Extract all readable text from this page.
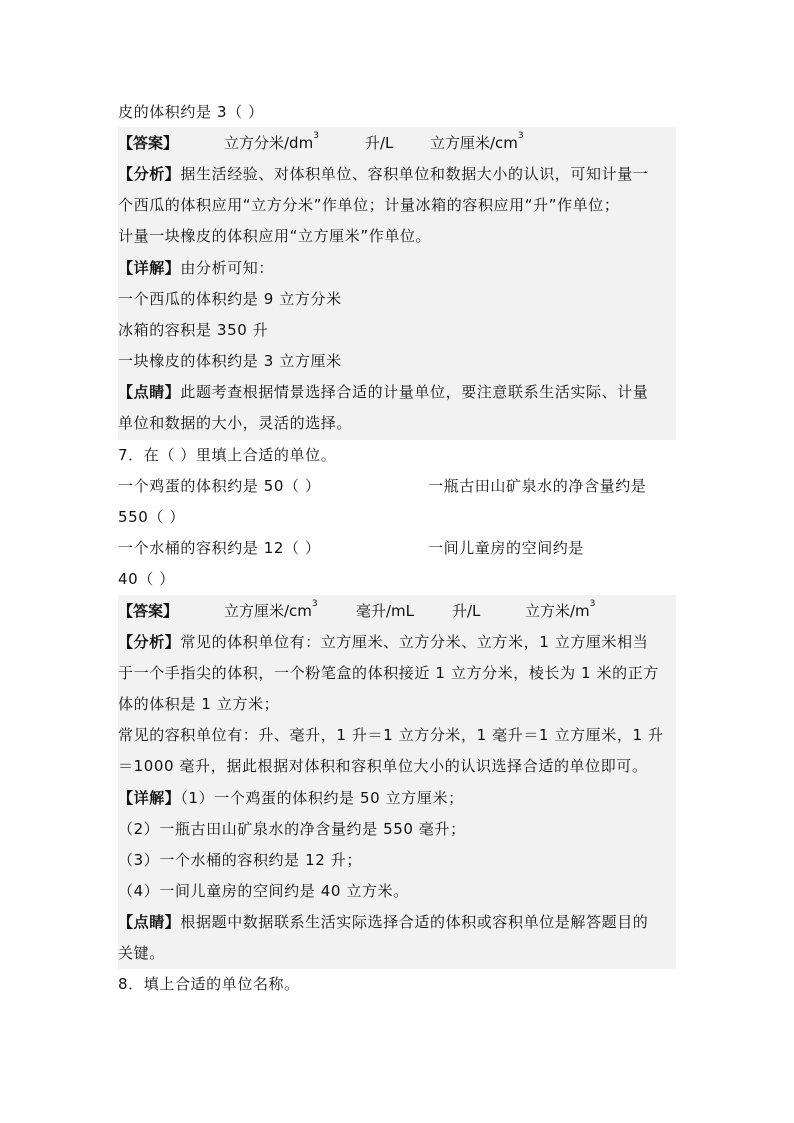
皮的体积约是 3（ ）
【答案】	立方分米$/dm^3$	升/L 立方厘米$/cm^3$
【分析】据生活经验、对体积单位、容积单位和数据大小的认识，可知计量一
个西瓜的体积应用“立方分米”作单位；计量冰箱的容积应用“升”作单位；
计量一块橡皮的体积应用“立方厘米”作单位。
【详解】由分析可知：
一个西瓜的体积约是 9 立方分米
冰箱的容积是 350 升
一块橡皮的体积约是 3 立方厘米
【点睛】此题考查根据情景选择合适的计量单位，要注意联系生活实际、计量
单位和数据的大小，灵活的选择。
7．在（ ）里填上合适的单位。
一个鸡蛋的体积约是 50（ ）	一瓶古田山矿泉水的净含量约是
550（ ）
一个水桶的容积约是 12（ ）	一间儿童房的空间约是
40（ ）
【答案】	立方厘米$/cm^3$	毫升/mL	升/L	立方米$/m^3$
【分析】常见的体积单位有：立方厘米、立方分米、立方米，1 立方厘米相当
于一个手指尖的体积，一个粉笔盒的体积接近 1 立方分米，棱长为 1 米的正方
体的体积是 1 立方米；
常见的容积单位有：升、毫升，1 升＝1 立方分米，1 毫升＝1 立方厘米，1 升
＝1000 毫升，据此根据对体积和容积单位大小的认识选择合适的单位即可。
【详解】（1）一个鸡蛋的体积约是 50 立方厘米；
（2）一瓶古田山矿泉水的净含量约是 550 毫升；
（3）一个水桶的容积约是 12 升；
（4）一间儿童房的空间约是 40 立方米。
【点睛】根据题中数据联系生活实际选择合适的体积或容积单位是解答题目的
关键。
8．填上合适的单位名称。
